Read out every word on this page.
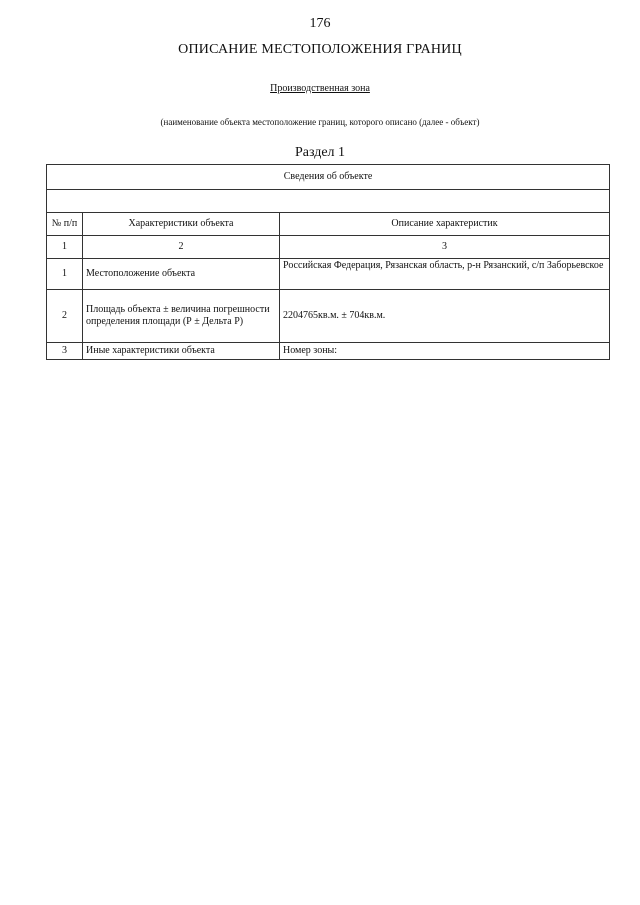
176
ОПИСАНИЕ МЕСТОПОЛОЖЕНИЯ ГРАНИЦ
Производственная зона
(наименование объекта местоположение границ, которого описано (далее - объект)
Раздел 1
Сведения об объекте		

№ п/п	Характеристики объекта	Описание характеристик
1	2	3
1	Местоположение объекта	Российская Федерация, Рязанская область, р-н Рязанский, с/п Заборьевское
2	Площадь объекта ± величина погрешности определения площади (Р ± Дельта Р)	2204765кв.м. ± 704кв.м.
3	Иные характеристики объекта	Номер зоны:
